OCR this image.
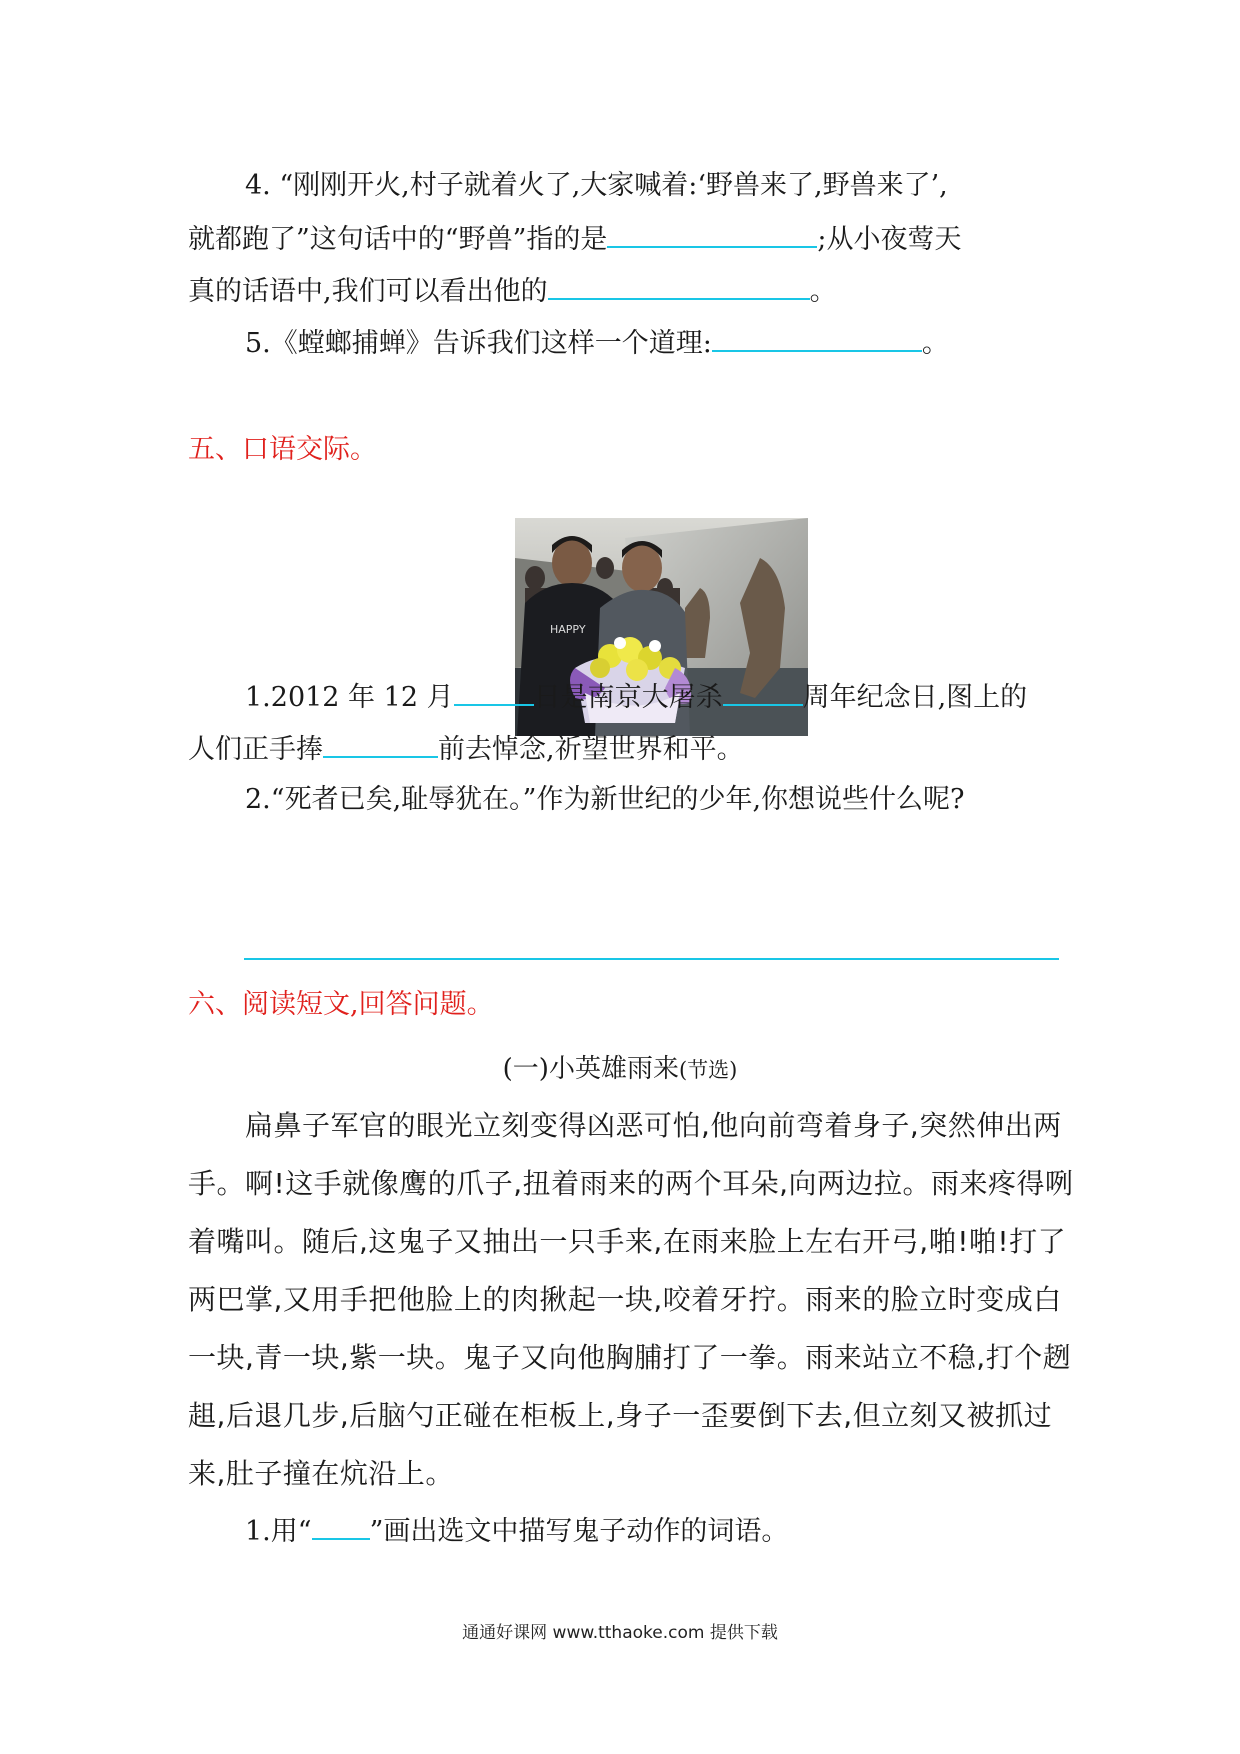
4. “刚刚开火,村子就着火了,大家喊着:‘野兽来了,野兽来了’,
就都跑了”这句话中的“野兽”指的是	;从小夜莺天
真的话语中,我们可以看出他的	。
5.《螳螂捕蝉》告诉我们这样一个道理:	。
五、口语交际。
HAPPY
1.2012 年 12 月	日是南京大屠杀	周年纪念日,图上的
人们正手捧	前去悼念,祈望世界和平。
2.“死者已矣,耻辱犹在。”作为新世纪的少年,你想说些什么呢?
六、阅读短文,回答问题。
(一)小英雄雨来(节选)
扁鼻子军官的眼光立刻变得凶恶可怕,他向前弯着身子,突然伸出两
手。啊!这手就像鹰的爪子,扭着雨来的两个耳朵,向两边拉。雨来疼得咧
着嘴叫。随后,这鬼子又抽出一只手来,在雨来脸上左右开弓,啪!啪!打了
两巴掌,又用手把他脸上的肉揪起一块,咬着牙拧。雨来的脸立时变成白
一块,青一块,紫一块。鬼子又向他胸脯打了一拳。雨来站立不稳,打个趔
趄,后退几步,后脑勺正碰在柜板上,身子一歪要倒下去,但立刻又被抓过
来,肚子撞在炕沿上。
1.用“ ”画出选文中描写鬼子动作的词语。
通通好课网 www.tthaoke.com 提供下载
